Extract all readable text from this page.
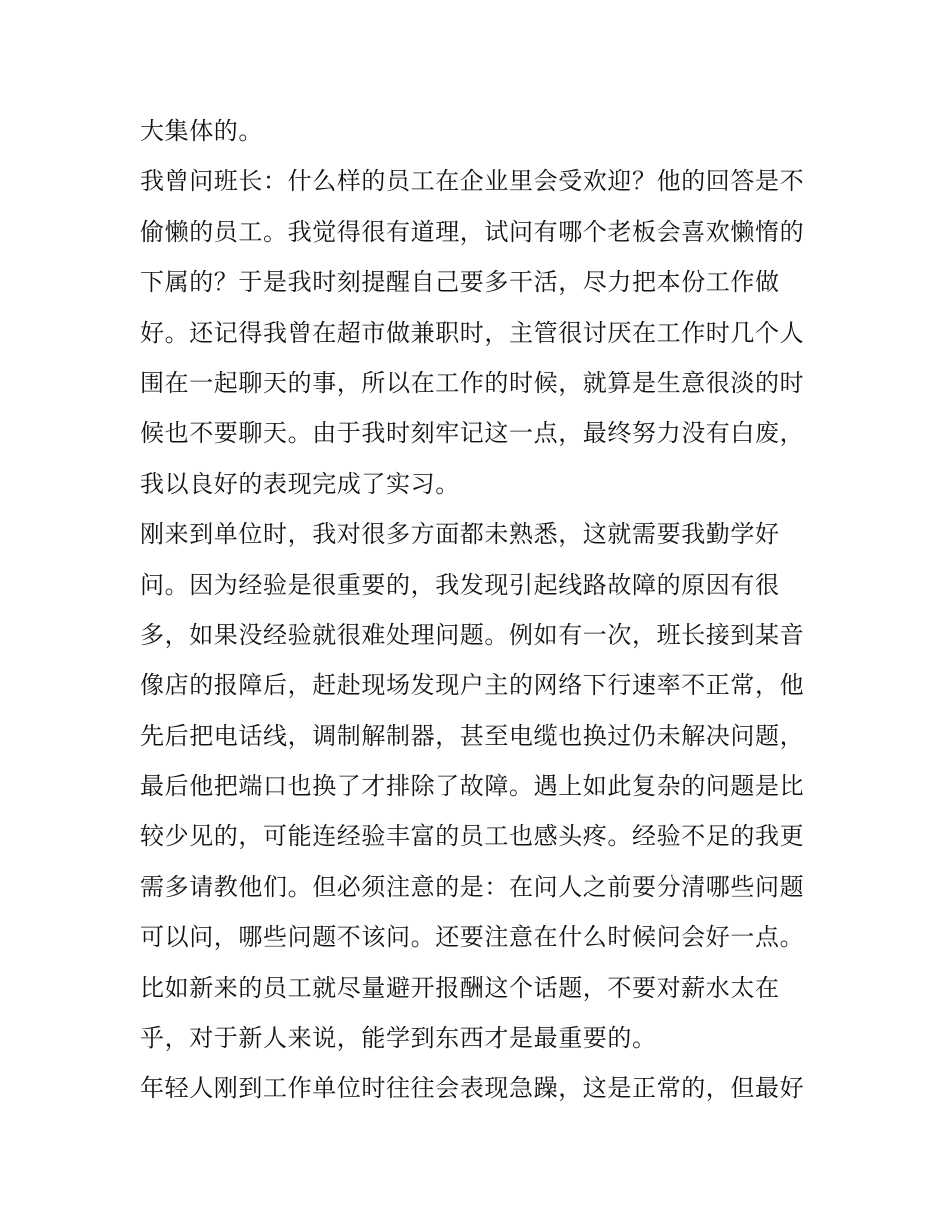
大集体的。
我曾问班长：什么样的员工在企业里会受欢迎？他的回答是不
偷懒的员工。我觉得很有道理，试问有哪个老板会喜欢懒惰的
下属的？于是我时刻提醒自己要多干活，尽力把本份工作做
好。还记得我曾在超市做兼职时，主管很讨厌在工作时几个人
围在一起聊天的事，所以在工作的时候，就算是生意很淡的时
候也不要聊天。由于我时刻牢记这一点，最终努力没有白废，
我以良好的表现完成了实习。
刚来到单位时，我对很多方面都未熟悉，这就需要我勤学好
问。因为经验是很重要的，我发现引起线路故障的原因有很
多，如果没经验就很难处理问题。例如有一次，班长接到某音
像店的报障后，赶赴现场发现户主的网络下行速率不正常，他
先后把电话线，调制解制器，甚至电缆也换过仍未解决问题，
最后他把端口也换了才排除了故障。遇上如此复杂的问题是比
较少见的，可能连经验丰富的员工也感头疼。经验不足的我更
需多请教他们。但必须注意的是：在问人之前要分清哪些问题
可以问，哪些问题不该问。还要注意在什么时候问会好一点。
比如新来的员工就尽量避开报酬这个话题，不要对薪水太在
乎，对于新人来说，能学到东西才是最重要的。
年轻人刚到工作单位时往往会表现急躁，这是正常的，但最好
